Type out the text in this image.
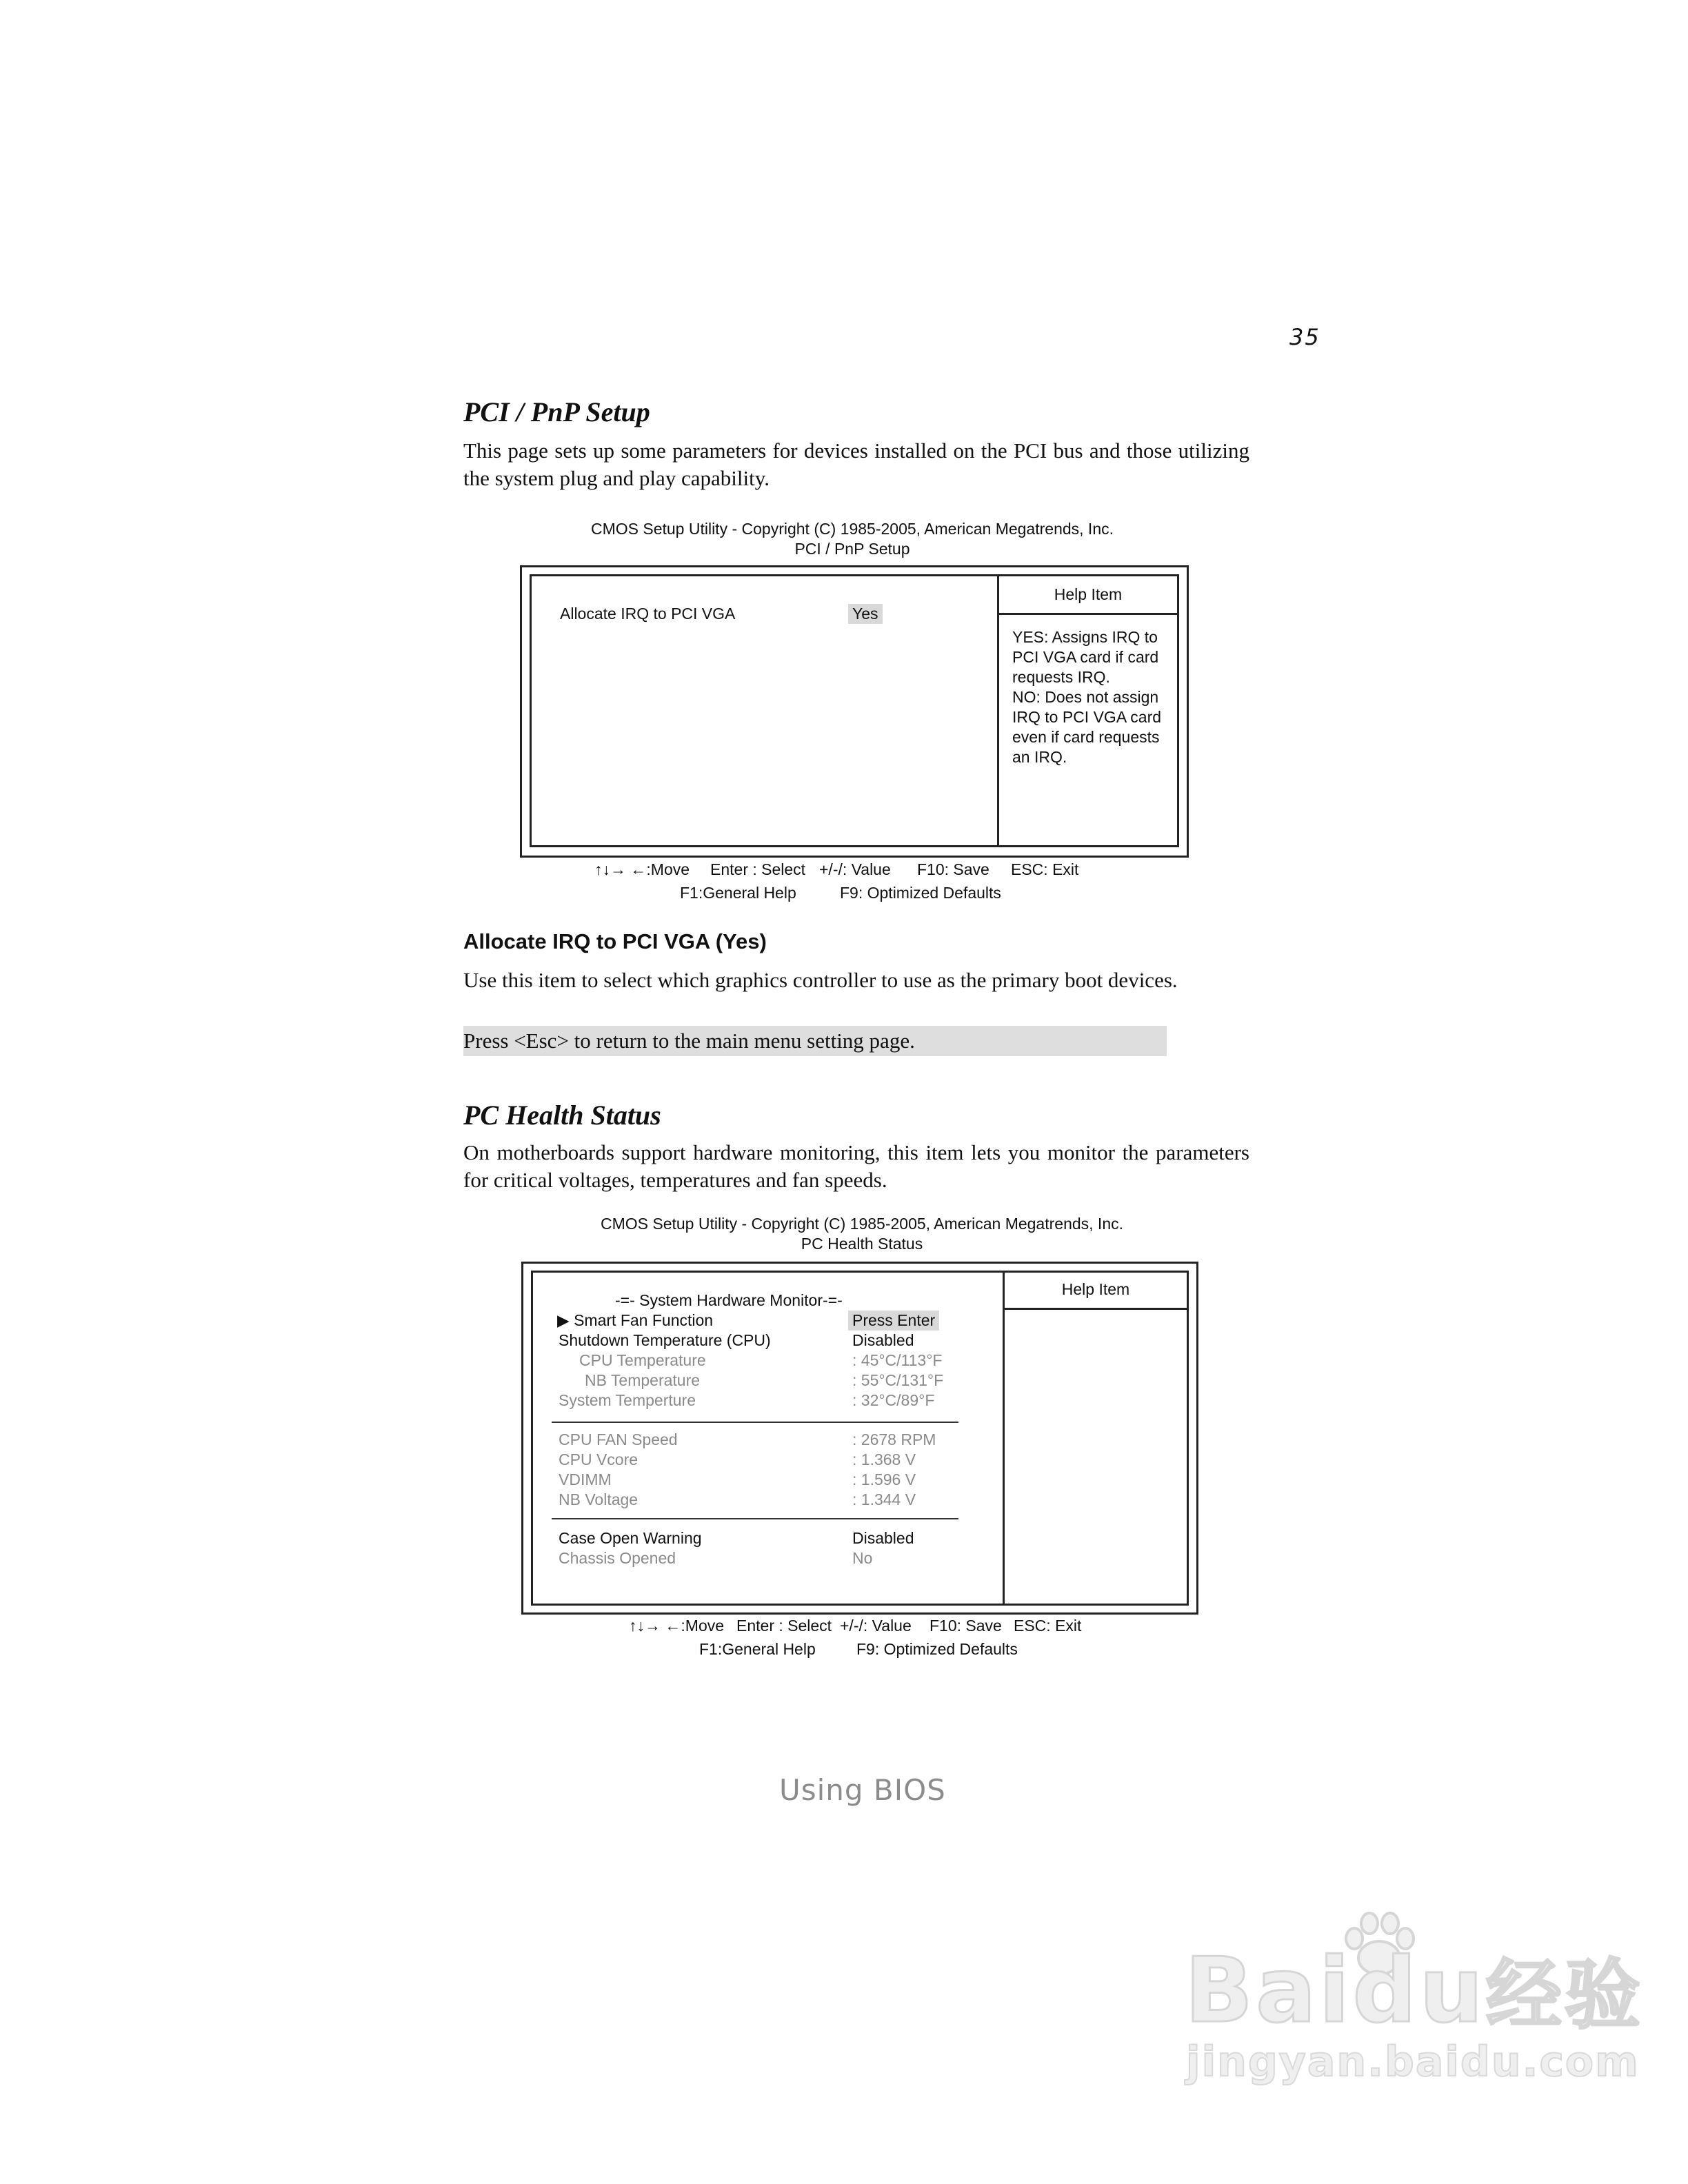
35
PCI / PnP Setup
This page sets up some parameters for devices installed on the PCI bus and those utilizing the system plug and play capability.
CMOS Setup Utility - Copyright (C) 1985-2005, American Megatrends, Inc.
PCI / PnP Setup
Allocate IRQ to PCI VGA	Yes
Help Item
YES: Assigns IRQ to
PCI VGA card if card
requests IRQ.
NO: Does not assign
IRQ to PCI VGA card
even if card requests
an IRQ.
↑↓→ ←:Move Enter : Select +/-/: Value F10: Save ESC: Exit
F1:General Help	F9: Optimized Defaults
Allocate IRQ to PCI VGA (Yes)
Use this item to select which graphics controller to use as the primary boot devices.
Press <Esc> to return to the main menu setting page.
PC Health Status
On motherboards support hardware monitoring, this item lets you monitor the parameters for critical voltages, temperatures and fan speeds.
CMOS Setup Utility - Copyright (C) 1985-2005, American Megatrends, Inc.
PC Health Status
Help Item
-=- System Hardware Monitor-=-
▶ Smart Fan Function	Press Enter
Shutdown Temperature (CPU)	Disabled
CPU Temperature	: 45°C/113°F
NB Temperature	: 55°C/131°F
System Temperture	: 32°C/89°F
CPU FAN Speed	: 2678 RPM
CPU Vcore	: 1.368 V
VDIMM	: 1.596 V
NB Voltage	: 1.344 V
Case Open Warning	Disabled
Chassis Opened	No
↑↓→ ←:Move Enter : Select +/-/: Value F10: Save ESC: Exit
F1:General Help	F9: Optimized Defaults
Using BIOS
Baidu经验
jingyan.baidu.com
